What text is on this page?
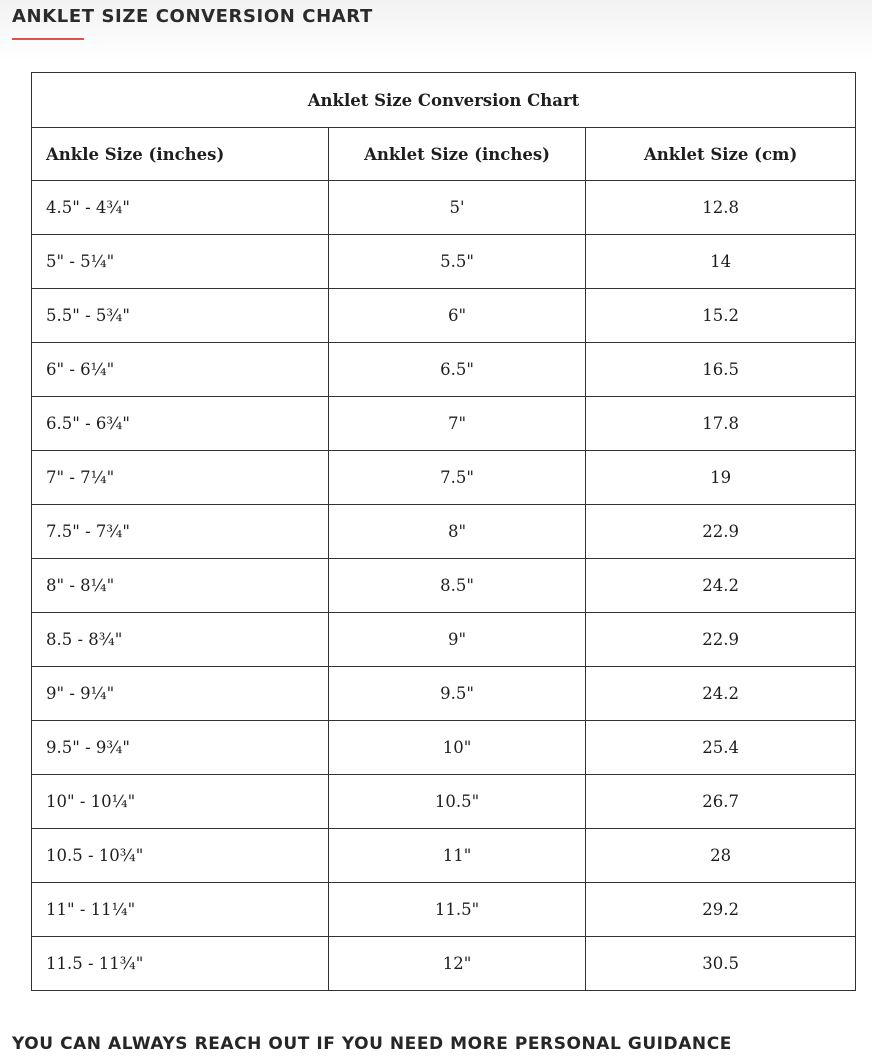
ANKLET SIZE CONVERSION CHART
Anklet Size Conversion Chart		
Ankle Size (inches)	Anklet Size (inches)	Anklet Size (cm)
4.5" - 4¾"	5'	12.8
5" - 5¼"	5.5"	14
5.5" - 5¾"	6"	15.2
6" - 6¼"	6.5"	16.5
6.5" - 6¾"	7"	17.8
7" - 7¼"	7.5"	19
7.5" - 7¾"	8"	22.9
8" - 8¼"	8.5"	24.2
8.5 - 8¾"	9"	22.9
9" - 9¼"	9.5"	24.2
9.5" - 9¾"	10"	25.4
10" - 10¼"	10.5"	26.7
10.5 - 10¾"	11"	28
11" - 11¼"	11.5"	29.2
11.5 - 11¾"	12"	30.5

YOU CAN ALWAYS REACH OUT IF YOU NEED MORE PERSONAL GUIDANCE
